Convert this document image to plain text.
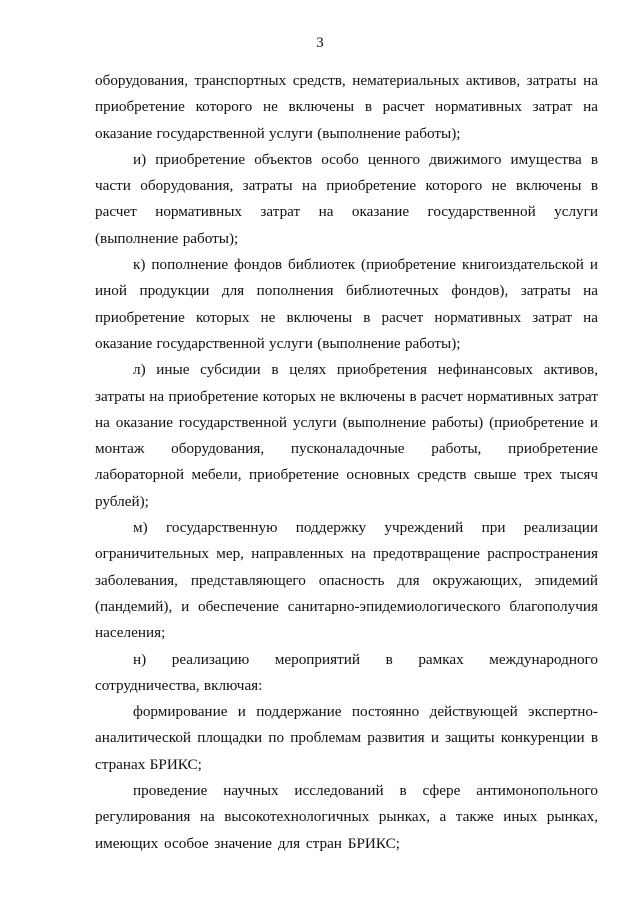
3

оборудования, транспортных средств, нематериальных активов, затраты на приобретение которого не включены в расчет нормативных затрат на оказание государственной услуги (выполнение работы);

и) приобретение объектов особо ценного движимого имущества в части оборудования, затраты на приобретение которого не включены в расчет нормативных затрат на оказание государственной услуги (выполнение работы);

к) пополнение фондов библиотек (приобретение книгоиздательской и иной продукции для пополнения библиотечных фондов), затраты на приобретение которых не включены в расчет нормативных затрат на оказание государственной услуги (выполнение работы);

л) иные субсидии в целях приобретения нефинансовых активов, затраты на приобретение которых не включены в расчет нормативных затрат на оказание государственной услуги (выполнение работы) (приобретение и монтаж оборудования, пусконаладочные работы, приобретение лабораторной мебели, приобретение основных средств свыше трех тысяч рублей);

м) государственную поддержку учреждений при реализации ограничительных мер, направленных на предотвращение распространения заболевания, представляющего опасность для окружающих, эпидемий (пандемий), и обеспечение санитарно-эпидемиологического благополучия населения;

н) реализацию мероприятий в рамках международного сотрудничества, включая:

формирование и поддержание постоянно действующей экспертно-аналитической площадки по проблемам развития и защиты конкуренции в странах БРИКС;

проведение научных исследований в сфере антимонопольного регулирования на высокотехнологичных рынках, а также иных рынках, имеющих особое значение для стран БРИКС;
